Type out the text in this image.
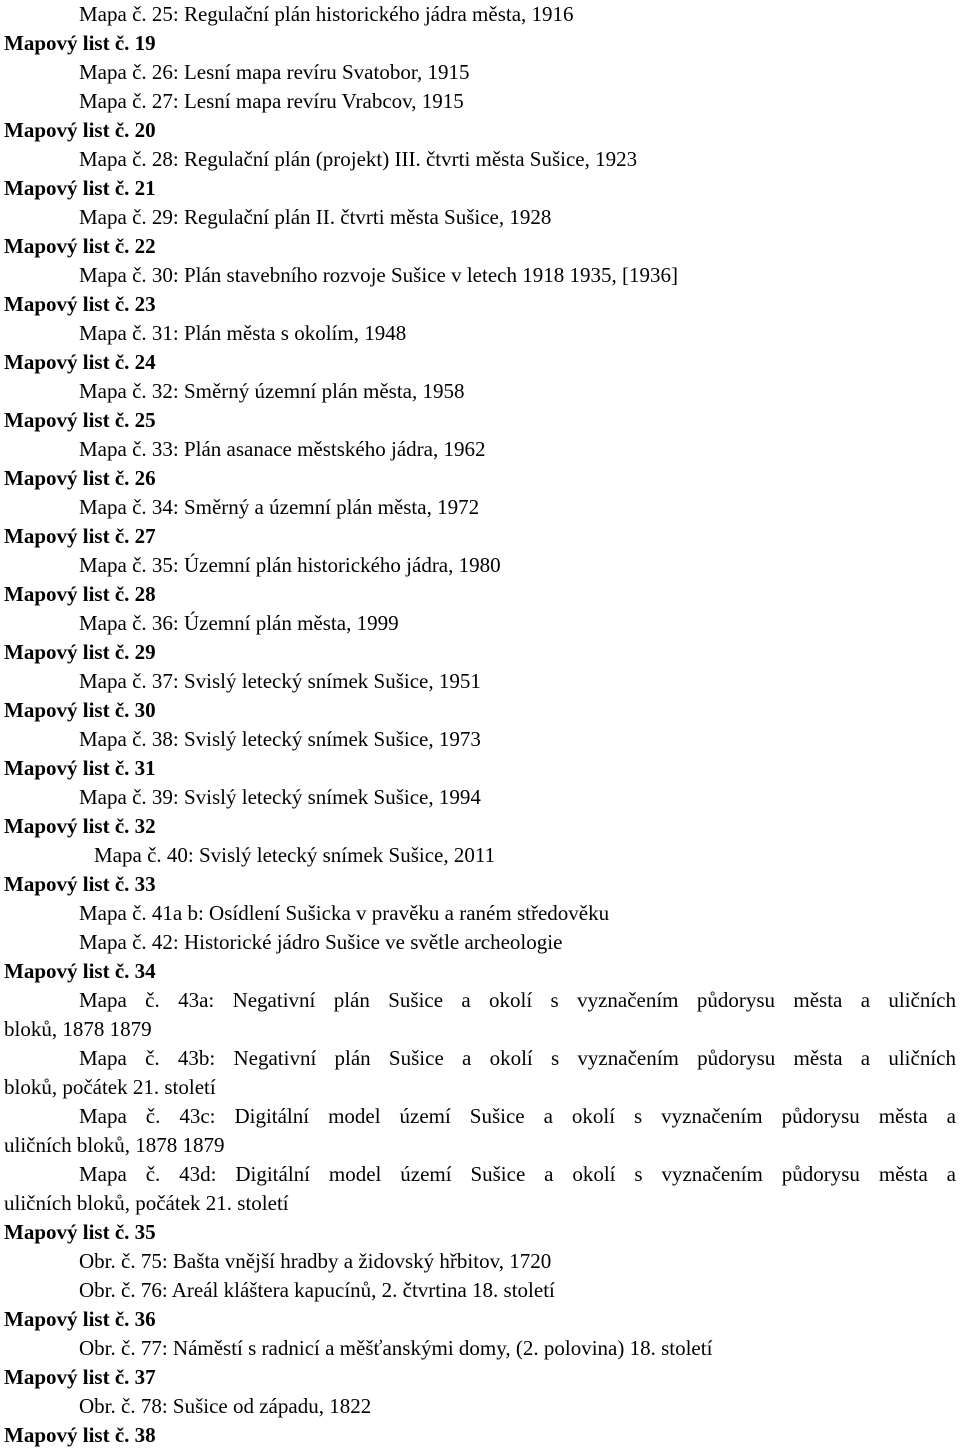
Mapa č. 25: Regulační plán historického jádra města, 1916
Mapový list č. 19
Mapa č. 26: Lesní mapa revíru Svatobor, 1915
Mapa č. 27: Lesní mapa revíru Vrabcov, 1915
Mapový list č. 20
Mapa č. 28: Regulační plán (projekt) III. čtvrti města Sušice, 1923
Mapový list č. 21
Mapa č. 29: Regulační plán II. čtvrti města Sušice, 1928
Mapový list č. 22
Mapa č. 30: Plán stavebního rozvoje Sušice v letech 1918 1935, [1936]
Mapový list č. 23
Mapa č. 31: Plán města s okolím, 1948
Mapový list č. 24
Mapa č. 32: Směrný územní plán města, 1958
Mapový list č. 25
Mapa č. 33: Plán asanace městského jádra, 1962
Mapový list č. 26
Mapa č. 34: Směrný a územní plán města, 1972
Mapový list č. 27
Mapa č. 35: Územní plán historického jádra, 1980
Mapový list č. 28
Mapa č. 36: Územní plán města, 1999
Mapový list č. 29
Mapa č. 37: Svislý letecký snímek Sušice, 1951
Mapový list č. 30
Mapa č. 38: Svislý letecký snímek Sušice, 1973
Mapový list č. 31
Mapa č. 39: Svislý letecký snímek Sušice, 1994
Mapový list č. 32
Mapa č. 40: Svislý letecký snímek Sušice, 2011
Mapový list č. 33
Mapa č. 41a b: Osídlení Sušicka v pravěku a raném středověku
Mapa č. 42: Historické jádro Sušice ve světle archeologie
Mapový list č. 34
Mapa č. 43a: Negativní plán Sušice a okolí s vyznačením půdorysu města a uličních
bloků, 1878 1879
Mapa č. 43b: Negativní plán Sušice a okolí s vyznačením půdorysu města a uličních
bloků, počátek 21. století
Mapa č. 43c: Digitální model území Sušice a okolí s vyznačením půdorysu města a
uličních bloků, 1878 1879
Mapa č. 43d: Digitální model území Sušice a okolí s vyznačením půdorysu města a
uličních bloků, počátek 21. století
Mapový list č. 35
Obr. č. 75: Bašta vnější hradby a židovský hřbitov, 1720
Obr. č. 76: Areál kláštera kapucínů, 2. čtvrtina 18. století
Mapový list č. 36
Obr. č. 77: Náměstí s radnicí a měšťanskými domy, (2. polovina) 18. století
Mapový list č. 37
Obr. č. 78: Sušice od západu, 1822
Mapový list č. 38
